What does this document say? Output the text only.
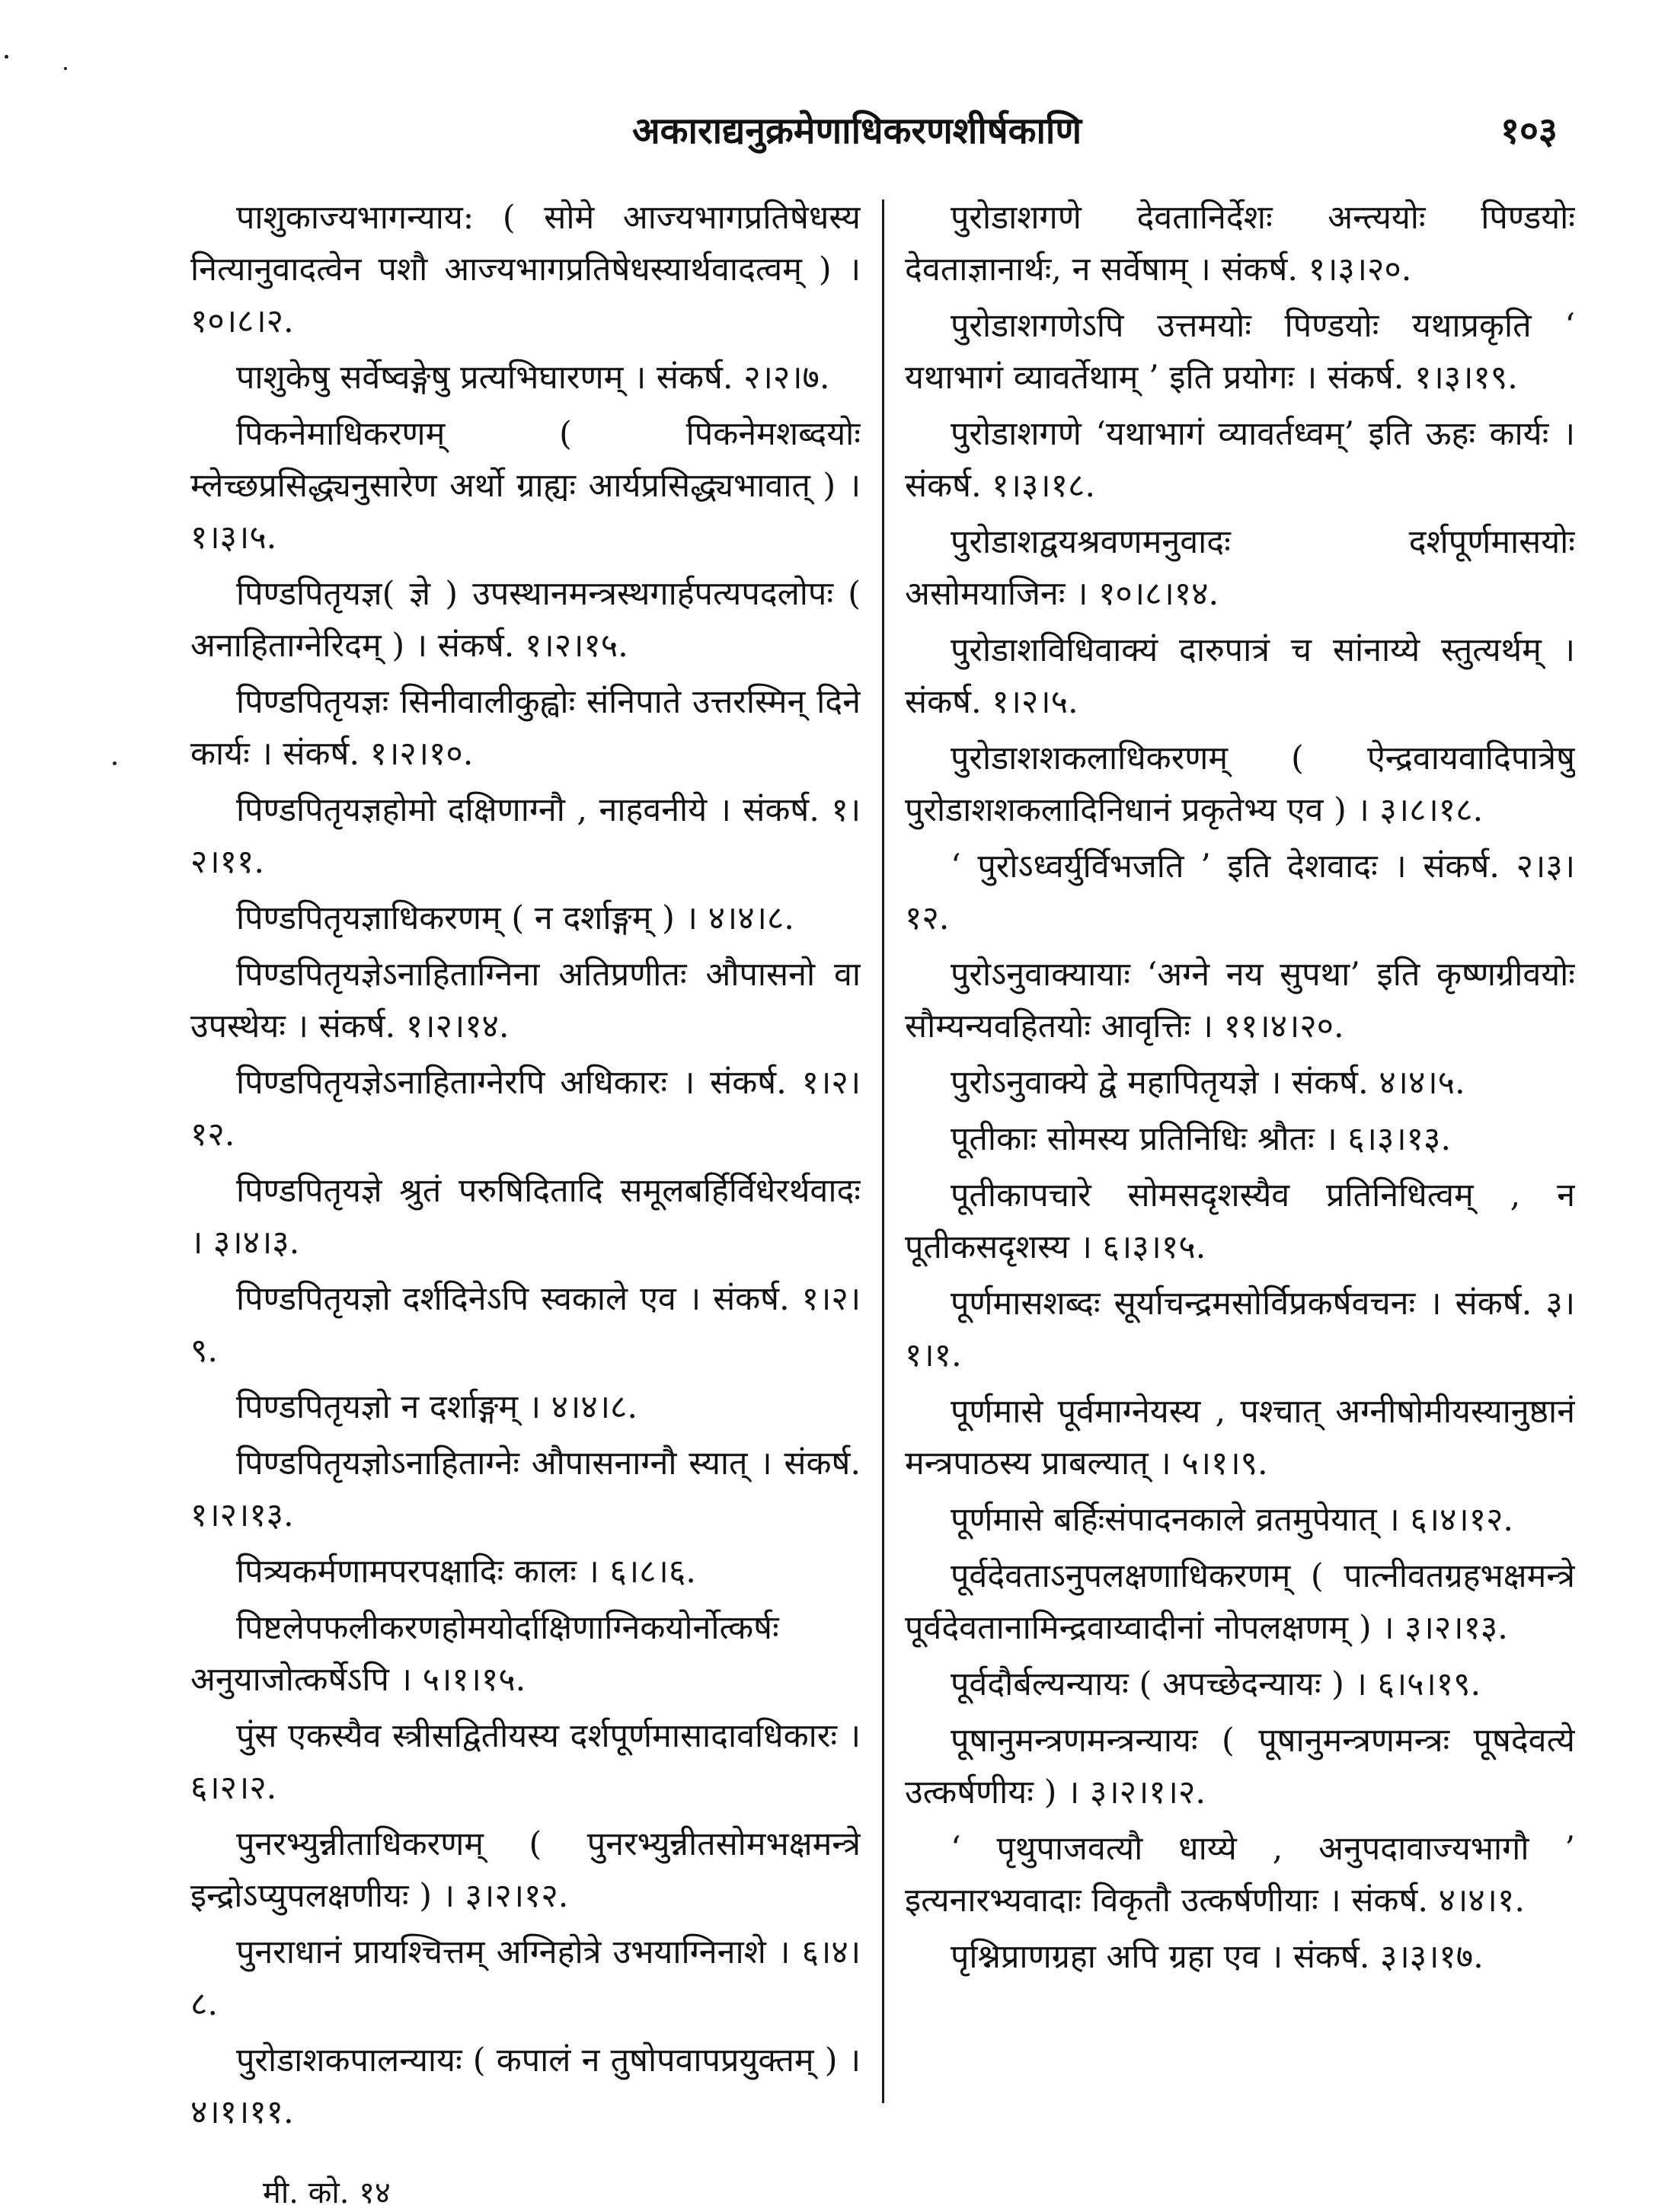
अकाराद्यनुक्रमेणाधिकरणशीर्षकाणि	१०३

पाशुकाज्यभागन्याय: ( सोमे आज्यभागप्रतिषेधस्य नित्यानुवादत्वेन पशौ आज्यभागप्रतिषेधस्यार्थवादत्वम् ) । १०।८।२.

पाशुकेषु सर्वेष्वङ्गेषु प्रत्यभिघारणम् । संकर्ष. २।२।७.

पिकनेमाधिकरणम् ( पिकनेमशब्दयोः म्लेच्छप्रसिद्ध्यनुसारेण अर्थो ग्राह्यः आर्यप्रसिद्ध्यभावात् ) । १।३।५.

पिण्डपितृयज्ञ( ज्ञे ) उपस्थानमन्त्रस्थगार्हपत्यपदलोपः ( अनाहिताग्नेरिदम् ) । संकर्ष. १।२।१५.

पिण्डपितृयज्ञः सिनीवालीकुह्वोः संनिपाते उत्तरस्मिन् दिने कार्यः । संकर्ष. १।२।१०.

पिण्डपितृयज्ञहोमो दक्षिणाग्नौ , नाहवनीये । संकर्ष. १।२।११.

पिण्डपितृयज्ञाधिकरणम् ( न दर्शाङ्गम् ) । ४।४।८.

पिण्डपितृयज्ञेऽनाहिताग्निना अतिप्रणीतः औपासनो वा उपस्थेयः । संकर्ष. १।२।१४.

पिण्डपितृयज्ञेऽनाहिताग्नेरपि अधिकारः । संकर्ष. १।२।१२.

पिण्डपितृयज्ञे श्रुतं परुषिदितादि समूलबर्हिर्विधेरर्थवादः । ३।४।३.

पिण्डपितृयज्ञो दर्शदिनेऽपि स्वकाले एव । संकर्ष. १।२।९.

पिण्डपितृयज्ञो न दर्शाङ्गम् । ४।४।८.

पिण्डपितृयज्ञोऽनाहिताग्नेः औपासनाग्नौ स्यात् । संकर्ष. १।२।१३.

पित्र्यकर्मणामपरपक्षादिः कालः । ६।८।६.

पिष्टलेपफलीकरणहोमयोर्दाक्षिणाग्निकयोर्नोत्कर्षः अनुयाजोत्कर्षेऽपि । ५।१।१५.

पुंस एकस्यैव स्त्रीसद्वितीयस्य दर्शपूर्णमासादावधिकारः । ६।२।२.

पुनरभ्युन्नीताधिकरणम् ( पुनरभ्युन्नीतसोमभक्षमन्त्रे इन्द्रोऽप्युपलक्षणीयः ) । ३।२।१२.

पुनराधानं प्रायश्चित्तम् अग्निहोत्रे उभयाग्निनाशे । ६।४।८.

पुरोडाशकपालन्यायः ( कपालं न तुषोपवापप्रयुक्तम् ) । ४।१।११.

पुरोडाशगणे देवतानिर्देशः अन्त्ययोः पिण्डयोः देवताज्ञानार्थः, न सर्वेषाम् । संकर्ष. १।३।२०.

पुरोडाशगणेऽपि उत्तमयोः पिण्डयोः यथाप्रकृति ‘ यथाभागं व्यावर्तेथाम् ’ इति प्रयोगः । संकर्ष. १।३।१९.

पुरोडाशगणे ‘यथाभागं व्यावर्तध्वम्’ इति ऊहः कार्यः । संकर्ष. १।३।१८.

पुरोडाशद्वयश्रवणमनुवादः दर्शपूर्णमासयोः असोमयाजिनः । १०।८।१४.

पुरोडाशविधिवाक्यं दारुपात्रं च सांनाय्ये स्तुत्यर्थम् । संकर्ष. १।२।५.

पुरोडाशशकलाधिकरणम् ( ऐन्द्रवायवादिपात्रेषु पुरोडाशशकलादिनिधानं प्रकृतेभ्य एव ) । ३।८।१८.

‘ पुरोऽध्वर्युर्विभजति ’ इति देशवादः । संकर्ष. २।३।१२.

पुरोऽनुवाक्यायाः ‘अग्ने नय सुपथा’ इति कृष्णग्रीवयोः सौम्यन्यवहितयोः आवृत्तिः । ११।४।२०.

पुरोऽनुवाक्ये द्वे महापितृयज्ञे । संकर्ष. ४।४।५.

पूतीकाः सोमस्य प्रतिनिधिः श्रौतः । ६।३।१३.

पूतीकापचारे सोमसदृशस्यैव प्रतिनिधित्वम् , न पूतीकसदृशस्य । ६।३।१५.

पूर्णमासशब्दः सूर्याचन्द्रमसोर्विप्रकर्षवचनः । संकर्ष. ३।१।१.

पूर्णमासे पूर्वमाग्नेयस्य , पश्चात् अग्नीषोमीयस्यानुष्ठानं मन्त्रपाठस्य प्राबल्यात् । ५।१।९.

पूर्णमासे बर्हिःसंपादनकाले व्रतमुपेयात् । ६।४।१२.

पूर्वदेवताऽनुपलक्षणाधिकरणम् ( पात्नीवतग्रहभक्षमन्त्रे पूर्वदेवतानामिन्द्रवाय्वादीनां नोपलक्षणम् ) । ३।२।१३.

पूर्वदौर्बल्यन्यायः ( अपच्छेदन्यायः ) । ६।५।१९.

पूषानुमन्त्रणमन्त्रन्यायः ( पूषानुमन्त्रणमन्त्रः पूषदेवत्ये उत्कर्षणीयः ) । ३।२।१।२.

‘ पृथुपाजवत्यौ धाय्ये , अनुपदावाज्यभागौ ’ इत्यनारभ्यवादाः विकृतौ उत्कर्षणीयाः । संकर्ष. ४।४।१.

पृश्निप्राणग्रहा अपि ग्रहा एव । संकर्ष. ३।३।१७.

मी. को. १४
